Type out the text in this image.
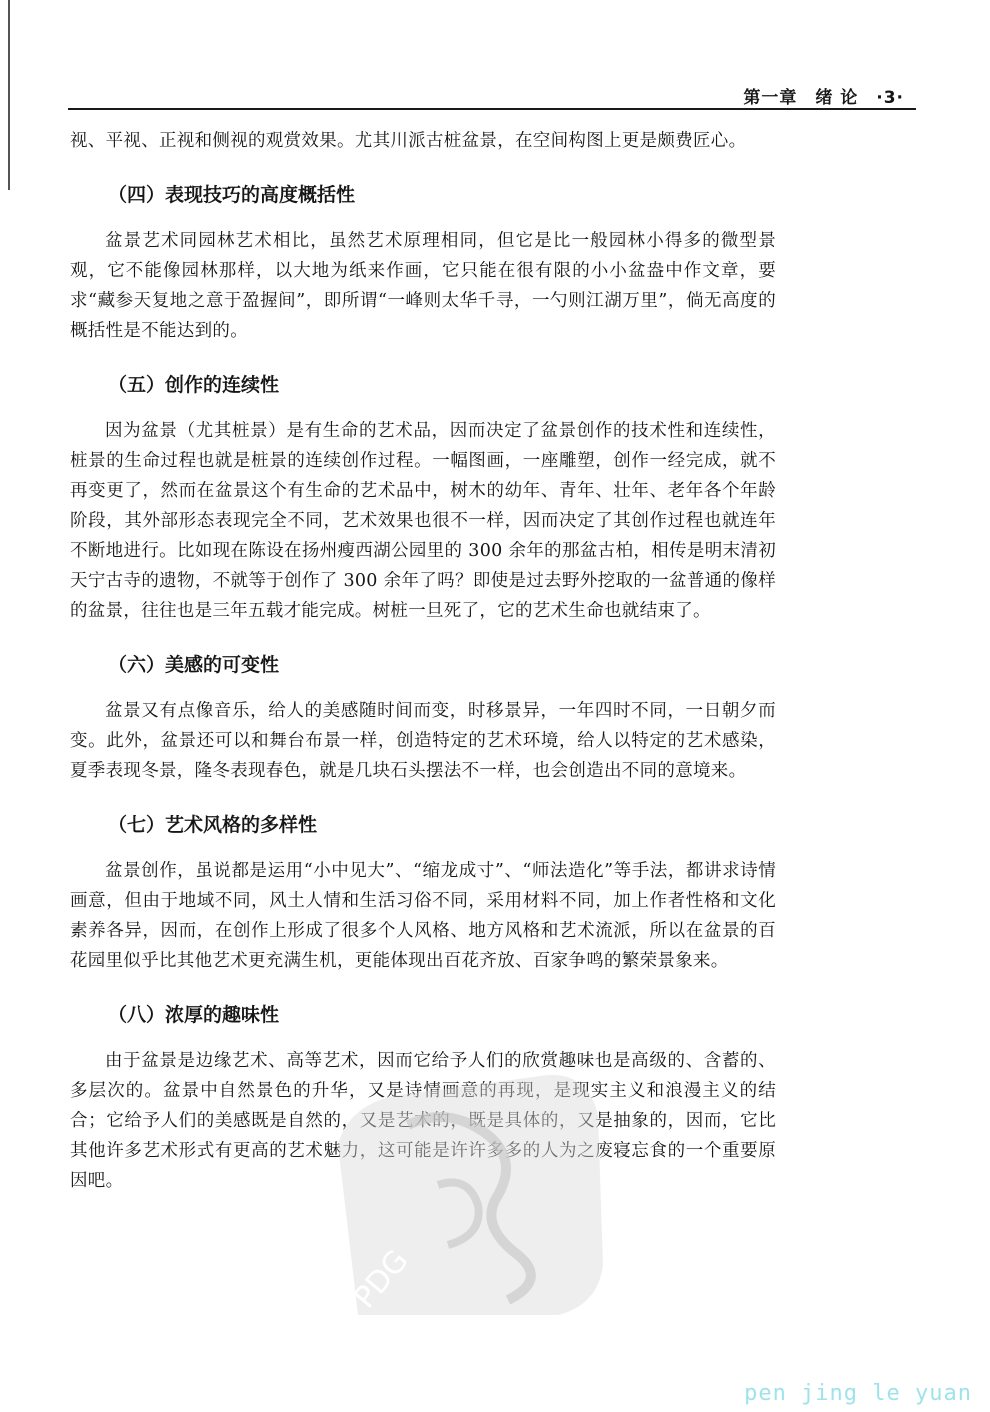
第一章 绪 论 ·3·

视、平视、正视和侧视的观赏效果。尤其川派古桩盆景，在空间构图上更是颇费匠心。

（四）表现技巧的高度概括性

盆景艺术同园林艺术相比，虽然艺术原理相同，但它是比一般园林小得多的微型景观，它不能像园林那样，以大地为纸来作画，它只能在很有限的小小盆盎中作文章，要求“藏参天复地之意于盈握间”，即所谓“一峰则太华千寻，一勺则江湖万里”，倘无高度的概括性是不能达到的。

（五）创作的连续性

因为盆景（尤其桩景）是有生命的艺术品，因而决定了盆景创作的技术性和连续性，桩景的生命过程也就是桩景的连续创作过程。一幅图画，一座雕塑，创作一经完成，就不再变更了，然而在盆景这个有生命的艺术品中，树木的幼年、青年、壮年、老年各个年龄阶段，其外部形态表现完全不同，艺术效果也很不一样，因而决定了其创作过程也就连年不断地进行。比如现在陈设在扬州瘦西湖公园里的 300 余年的那盆古柏，相传是明末清初天宁古寺的遗物，不就等于创作了 300 余年了吗？即使是过去野外挖取的一盆普通的像样的盆景，往往也是三年五载才能完成。树桩一旦死了，它的艺术生命也就结束了。

（六）美感的可变性

盆景又有点像音乐，给人的美感随时间而变，时移景异，一年四时不同，一日朝夕而变。此外，盆景还可以和舞台布景一样，创造特定的艺术环境，给人以特定的艺术感染，夏季表现冬景，隆冬表现春色，就是几块石头摆法不一样，也会创造出不同的意境来。

（七）艺术风格的多样性

盆景创作，虽说都是运用“小中见大”、“缩龙成寸”、“师法造化”等手法，都讲求诗情画意，但由于地域不同，风土人情和生活习俗不同，采用材料不同，加上作者性格和文化素养各异，因而，在创作上形成了很多个人风格、地方风格和艺术流派，所以在盆景的百花园里似乎比其他艺术更充满生机，更能体现出百花齐放、百家争鸣的繁荣景象来。

（八）浓厚的趣味性

由于盆景是边缘艺术、高等艺术，因而它给予人们的欣赏趣味也是高级的、含蓄的、多层次的。盆景中自然景色的升华，又是诗情画意的再现，是现实主义和浪漫主义的结合；它给予人们的美感既是自然的，又是艺术的，既是具体的，又是抽象的，因而，它比其他许多艺术形式有更高的艺术魅力，这可能是许许多多的人为之废寝忘食的一个重要原因吧。

PDG
pen jing le yuan
